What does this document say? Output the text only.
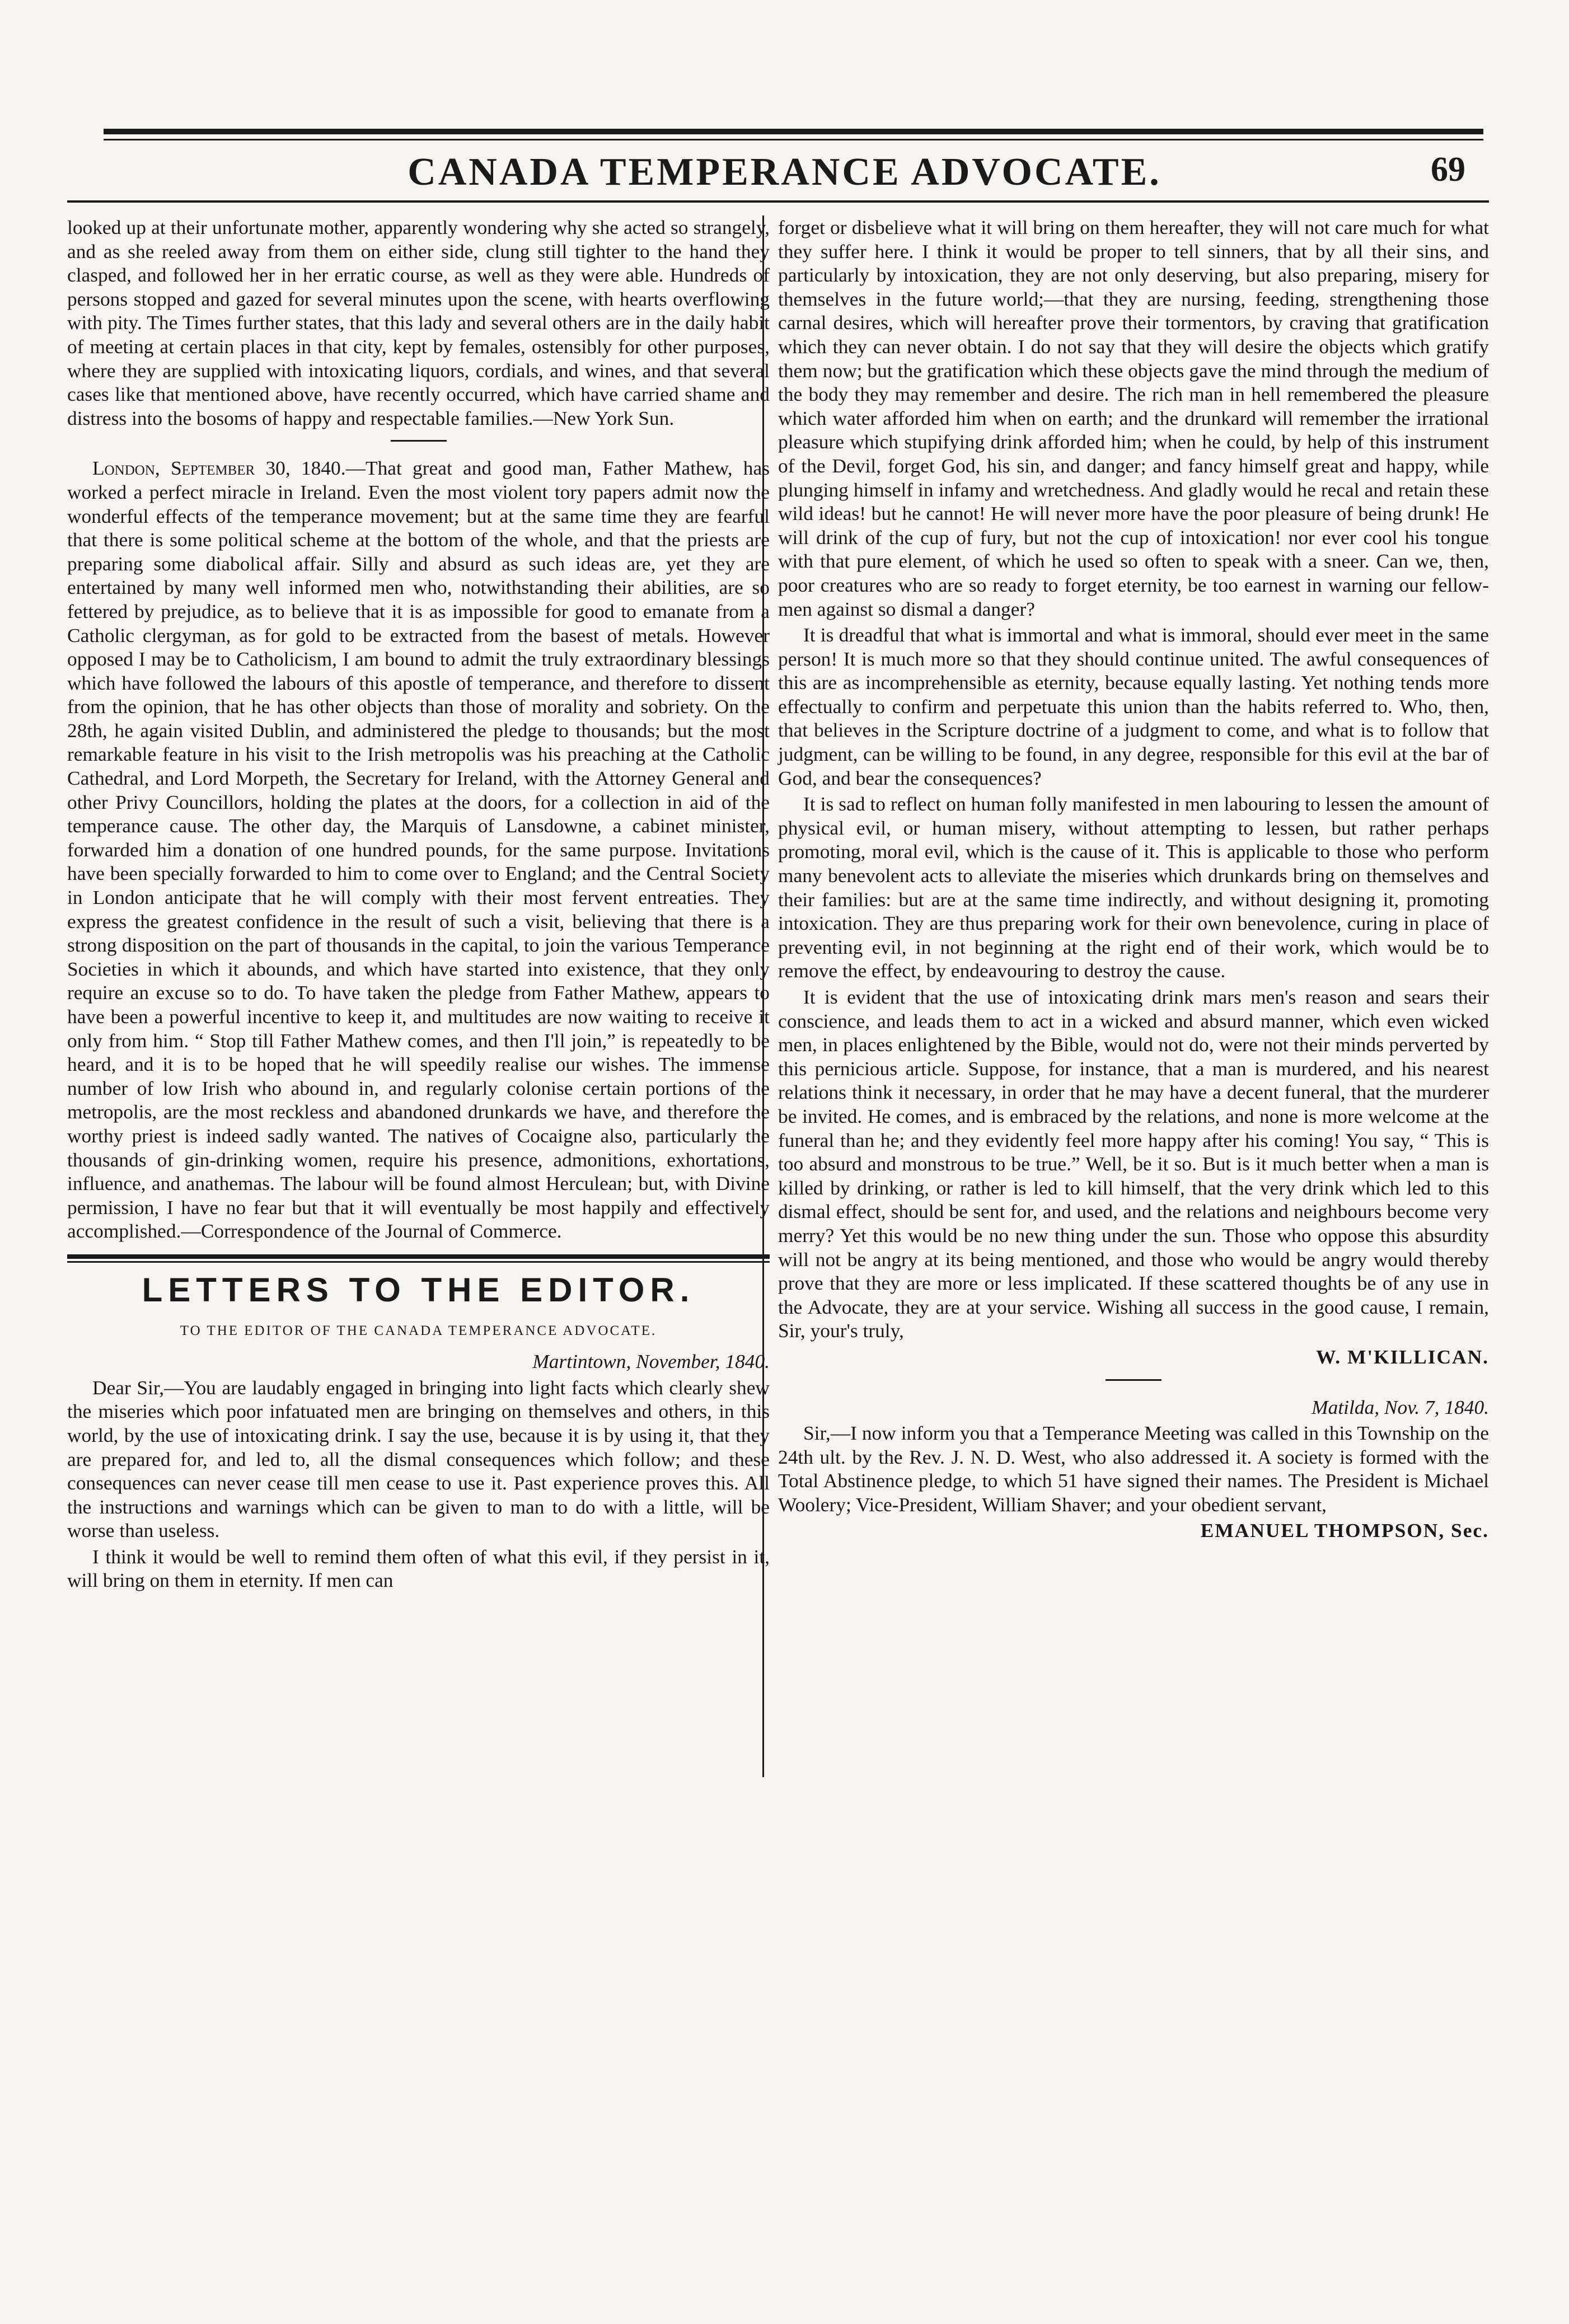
CANADA TEMPERANCE ADVOCATE.	69

looked up at their unfortunate mother, apparently wondering why she acted so strangely, and as she reeled away from them on either side, clung still tighter to the hand they clasped, and followed her in her erratic course, as well as they were able. Hundreds of persons stopped and gazed for several minutes upon the scene, with hearts overflowing with pity. The Times further states, that this lady and several others are in the daily habit of meeting at certain places in that city, kept by females, ostensibly for other purposes, where they are supplied with intoxicating liquors, cordials, and wines, and that several cases like that mentioned above, have recently occurred, which have carried shame and distress into the bosoms of happy and respectable families.—New York Sun.

London, September 30, 1840.—That great and good man, Father Mathew, has worked a perfect miracle in Ireland. Even the most violent tory papers admit now the wonderful effects of the temperance movement; but at the same time they are fearful that there is some political scheme at the bottom of the whole, and that the priests are preparing some diabolical affair. Silly and absurd as such ideas are, yet they are entertained by many well informed men who, notwithstanding their abilities, are so fettered by prejudice, as to believe that it is as impossible for good to emanate from a Catholic clergyman, as for gold to be extracted from the basest of metals. However opposed I may be to Catholicism, I am bound to admit the truly extraordinary blessings which have followed the labours of this apostle of temperance, and therefore to dissent from the opinion, that he has other objects than those of morality and sobriety. On the 28th, he again visited Dublin, and administered the pledge to thousands; but the most remarkable feature in his visit to the Irish metropolis was his preaching at the Catholic Cathedral, and Lord Morpeth, the Secretary for Ireland, with the Attorney General and other Privy Councillors, holding the plates at the doors, for a collection in aid of the temperance cause. The other day, the Marquis of Lansdowne, a cabinet minister, forwarded him a donation of one hundred pounds, for the same purpose. Invitations have been specially forwarded to him to come over to England; and the Central Society in London anticipate that he will comply with their most fervent entreaties. They express the greatest confidence in the result of such a visit, believing that there is a strong disposition on the part of thousands in the capital, to join the various Temperance Societies in which it abounds, and which have started into existence, that they only require an excuse so to do. To have taken the pledge from Father Mathew, appears to have been a powerful incentive to keep it, and multitudes are now waiting to receive it only from him. “ Stop till Father Mathew comes, and then I'll join,” is repeatedly to be heard, and it is to be hoped that he will speedily realise our wishes. The immense number of low Irish who abound in, and regularly colonise certain portions of the metropolis, are the most reckless and abandoned drunkards we have, and therefore the worthy priest is indeed sadly wanted. The natives of Cocaigne also, particularly the thousands of gin-drinking women, require his presence, admonitions, exhortations, influence, and anathemas. The labour will be found almost Herculean; but, with Divine permission, I have no fear but that it will eventually be most happily and effectively accomplished.—Correspondence of the Journal of Commerce.

LETTERS TO THE EDITOR.
TO THE EDITOR OF THE CANADA TEMPERANCE ADVOCATE.

Martintown, November, 1840.

Dear Sir,—You are laudably engaged in bringing into light facts which clearly shew the miseries which poor infatuated men are bringing on themselves and others, in this world, by the use of intoxicating drink. I say the use, because it is by using it, that they are prepared for, and led to, all the dismal consequences which follow; and these consequences can never cease till men cease to use it. Past experience proves this. All the instructions and warnings which can be given to man to do with a little, will be worse than useless.

I think it would be well to remind them often of what this evil, if they persist in it, will bring on them in eternity. If men can

forget or disbelieve what it will bring on them hereafter, they will not care much for what they suffer here. I think it would be proper to tell sinners, that by all their sins, and particularly by intoxication, they are not only deserving, but also preparing, misery for themselves in the future world;—that they are nursing, feeding, strengthening those carnal desires, which will hereafter prove their tormentors, by craving that gratification which they can never obtain. I do not say that they will desire the objects which gratify them now; but the gratification which these objects gave the mind through the medium of the body they may remember and desire. The rich man in hell remembered the pleasure which water afforded him when on earth; and the drunkard will remember the irrational pleasure which stupifying drink afforded him; when he could, by help of this instrument of the Devil, forget God, his sin, and danger; and fancy himself great and happy, while plunging himself in infamy and wretchedness. And gladly would he recal and retain these wild ideas! but he cannot! He will never more have the poor pleasure of being drunk! He will drink of the cup of fury, but not the cup of intoxication! nor ever cool his tongue with that pure element, of which he used so often to speak with a sneer. Can we, then, poor creatures who are so ready to forget eternity, be too earnest in warning our fellow-men against so dismal a danger?

It is dreadful that what is immortal and what is immoral, should ever meet in the same person! It is much more so that they should continue united. The awful consequences of this are as incomprehensible as eternity, because equally lasting. Yet nothing tends more effectually to confirm and perpetuate this union than the habits referred to. Who, then, that believes in the Scripture doctrine of a judgment to come, and what is to follow that judgment, can be willing to be found, in any degree, responsible for this evil at the bar of God, and bear the consequences?

It is sad to reflect on human folly manifested in men labouring to lessen the amount of physical evil, or human misery, without attempting to lessen, but rather perhaps promoting, moral evil, which is the cause of it. This is applicable to those who perform many benevolent acts to alleviate the miseries which drunkards bring on themselves and their families: but are at the same time indirectly, and without designing it, promoting intoxication. They are thus preparing work for their own benevolence, curing in place of preventing evil, in not beginning at the right end of their work, which would be to remove the effect, by endeavouring to destroy the cause.

It is evident that the use of intoxicating drink mars men's reason and sears their conscience, and leads them to act in a wicked and absurd manner, which even wicked men, in places enlightened by the Bible, would not do, were not their minds perverted by this pernicious article. Suppose, for instance, that a man is murdered, and his nearest relations think it necessary, in order that he may have a decent funeral, that the murderer be invited. He comes, and is embraced by the relations, and none is more welcome at the funeral than he; and they evidently feel more happy after his coming! You say, “ This is too absurd and monstrous to be true.” Well, be it so. But is it much better when a man is killed by drinking, or rather is led to kill himself, that the very drink which led to this dismal effect, should be sent for, and used, and the relations and neighbours become very merry? Yet this would be no new thing under the sun. Those who oppose this absurdity will not be angry at its being mentioned, and those who would be angry would thereby prove that they are more or less implicated. If these scattered thoughts be of any use in the Advocate, they are at your service. Wishing all success in the good cause, I remain, Sir, your's truly,

W. M'KILLICAN.

Matilda, Nov. 7, 1840.

Sir,—I now inform you that a Temperance Meeting was called in this Township on the 24th ult. by the Rev. J. N. D. West, who also addressed it. A society is formed with the Total Abstinence pledge, to which 51 have signed their names. The President is Michael Woolery; Vice-President, William Shaver; and your obedient servant,

EMANUEL THOMPSON, Sec.
